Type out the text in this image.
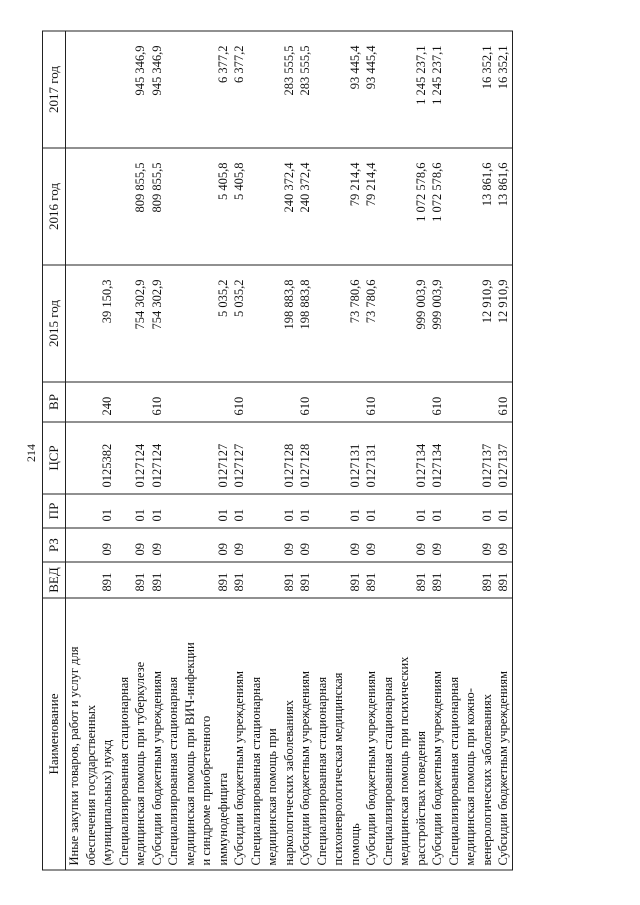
214
Наименование	ВЕД	РЗ	ПР	ЦСР	ВР	2015 год	2016 год	2017 год

Иные закупки товаров, работ и услуг для обеспечения государственных (муниципальных) нужд	891	09	01	0125382	240	39 150,3		

Специализированная стационарная медицинская помощь при туберкулезе	891	09	01	0127124		754 302,9	809 855,5	945 346,9

Субсидии бюджетным учреждениям	891	09	01	0127124	610	754 302,9	809 855,5	945 346,9

Специализированная стационарная медицинская помощь при ВИЧ-инфекции и синдроме приобретенного иммунодефицита	891	09	01	0127127		5 035,2	5 405,8	6 377,2

Субсидии бюджетным учреждениям	891	09	01	0127127	610	5 035,2	5 405,8	6 377,2

Специализированная стационарная медицинская помощь при наркологических заболеваниях	891	09	01	0127128		198 883,8	240 372,4	283 555,5

Субсидии бюджетным учреждениям	891	09	01	0127128	610	198 883,8	240 372,4	283 555,5

Специализированная стационарная психоневрологическая медицинская помощь	891	09	01	0127131		73 780,6	79 214,4	93 445,4

Субсидии бюджетным учреждениям	891	09	01	0127131	610	73 780,6	79 214,4	93 445,4

Специализированная стационарная медицинская помощь при психических расстройствах поведения	891	09	01	0127134		999 003,9	1 072 578,6	1 245 237,1

Субсидии бюджетным учреждениям	891	09	01	0127134	610	999 003,9	1 072 578,6	1 245 237,1

Специализированная стационарная медицинская помощь при кожно- венерологических заболеваниях	891	09	01	0127137		12 910,9	13 861,6	16 352,1

Субсидии бюджетным учреждениям	891	09	01	0127137	610	12 910,9	13 861,6	16 352,1
